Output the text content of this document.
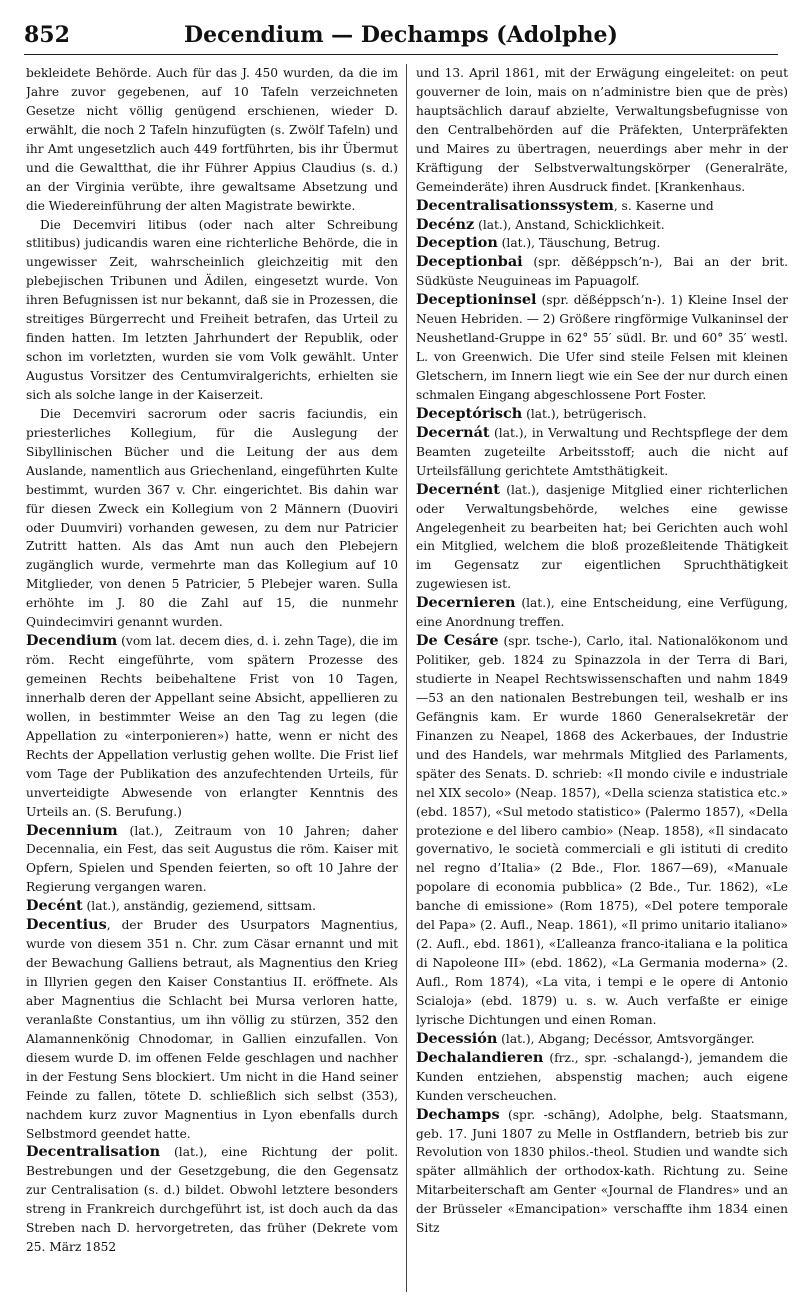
852	Decendium — Dechamps (Adolphe)

bekleidete Behörde. Auch für das J. 450 wurden, da die im Jahre zuvor gegebenen, auf 10 Tafeln verzeichneten Gesetze nicht völlig genügend erschienen, wieder D. erwählt, die noch 2 Tafeln hinzufügten (s. Zwölf Tafeln) und ihr Amt ungesetzlich auch 449 fortführten, bis ihr Übermut und die Gewaltthat, die ihr Führer Appius Claudius (s. d.) an der Virginia verübte, ihre gewaltsame Absetzung und die Wiedereinführung der alten Magistrate bewirkte.

Die Decemviri litibus (oder nach alter Schreibung stlitibus) judicandis waren eine richterliche Behörde, die in ungewisser Zeit, wahrscheinlich gleichzeitig mit den plebejischen Tribunen und Ädilen, eingesetzt wurde. Von ihren Befugnissen ist nur bekannt, daß sie in Prozessen, die streitiges Bürgerrecht und Freiheit betrafen, das Urteil zu finden hatten. Im letzten Jahrhundert der Republik, oder schon im vorletzten, wurden sie vom Volk gewählt. Unter Augustus Vorsitzer des Centumviralgerichts, erhielten sie sich als solche lange in der Kaiserzeit.

Die Decemviri sacrorum oder sacris faciundis, ein priesterliches Kollegium, für die Auslegung der Sibyllinischen Bücher und die Leitung der aus dem Auslande, namentlich aus Griechenland, eingeführten Kulte bestimmt, wurden 367 v. Chr. eingerichtet. Bis dahin war für diesen Zweck ein Kollegium von 2 Männern (Duoviri oder Duumviri) vorhanden gewesen, zu dem nur Patricier Zutritt hatten. Als das Amt nun auch den Plebejern zugänglich wurde, vermehrte man das Kollegium auf 10 Mitglieder, von denen 5 Patricier, 5 Plebejer waren. Sulla erhöhte im J. 80 die Zahl auf 15, die nunmehr Quindecimviri genannt wurden.

Decendium (vom lat. decem dies, d. i. zehn Tage), die im röm. Recht eingeführte, vom spätern Prozesse des gemeinen Rechts beibehaltene Frist von 10 Tagen, innerhalb deren der Appellant seine Absicht, appellieren zu wollen, in bestimmter Weise an den Tag zu legen (die Appellation zu «interponieren») hatte, wenn er nicht des Rechts der Appellation verlustig gehen wollte. Die Frist lief vom Tage der Publikation des anzufechtenden Urteils, für unverteidigte Abwesende von erlangter Kenntnis des Urteils an. (S. Berufung.)

Decennium (lat.), Zeitraum von 10 Jahren; daher Decennalia, ein Fest, das seit Augustus die röm. Kaiser mit Opfern, Spielen und Spenden feierten, so oft 10 Jahre der Regierung vergangen waren.

Decént (lat.), anständig, geziemend, sittsam.

Decentius, der Bruder des Usurpators Magnentius, wurde von diesem 351 n. Chr. zum Cäsar ernannt und mit der Bewachung Galliens betraut, als Magnentius den Krieg in Illyrien gegen den Kaiser Constantius II. eröffnete. Als aber Magnentius die Schlacht bei Mursa verloren hatte, veranlaßte Constantius, um ihn völlig zu stürzen, 352 den Alamannenkönig Chnodomar, in Gallien einzufallen. Von diesem wurde D. im offenen Felde geschlagen und nachher in der Festung Sens blockiert. Um nicht in die Hand seiner Feinde zu fallen, tötete D. schließlich sich selbst (353), nachdem kurz zuvor Magnentius in Lyon ebenfalls durch Selbstmord geendet hatte.

Decentralisation (lat.), eine Richtung der polit. Bestrebungen und der Gesetzgebung, die den Gegensatz zur Centralisation (s. d.) bildet. Obwohl letztere besonders streng in Frankreich durchgeführt ist, ist doch auch da das Streben nach D. hervorgetreten, das früher (Dekrete vom 25. März 1852

und 13. April 1861, mit der Erwägung eingeleitet: on peut gouverner de loin, mais on n’administre bien que de près) hauptsächlich darauf abzielte, Verwaltungsbefugnisse von den Centralbehörden auf die Präfekten, Unterpräfekten und Maires zu übertragen, neuerdings aber mehr in der Kräftigung der Selbstverwaltungskörper (Generalräte, Gemeinderäte) ihren Ausdruck findet. [Krankenhaus.

Decentralisationssystem, s. Kaserne und

Decénz (lat.), Anstand, Schicklichkeit.

Deception (lat.), Täuschung, Betrug.

Deceptionbai (spr. dĕßéppsch’n-), Bai an der brit. Südküste Neuguineas im Papuagolf.

Deceptioninsel (spr. dĕßéppsch’n-). 1) Kleine Insel der Neuen Hebriden. — 2) Größere ringförmige Vulkaninsel der Neushetland-Gruppe in 62° 55′ südl. Br. und 60° 35′ westl. L. von Greenwich. Die Ufer sind steile Felsen mit kleinen Gletschern, im Innern liegt wie ein See der nur durch einen schmalen Eingang abgeschlossene Port Foster.

Deceptórisch (lat.), betrügerisch.

Decernát (lat.), in Verwaltung und Rechtspflege der dem Beamten zugeteilte Arbeitsstoff; auch die nicht auf Urteilsfällung gerichtete Amtsthätigkeit.

Decernént (lat.), dasjenige Mitglied einer richterlichen oder Verwaltungsbehörde, welches eine gewisse Angelegenheit zu bearbeiten hat; bei Gerichten auch wohl ein Mitglied, welchem die bloß prozeßleitende Thätigkeit im Gegensatz zur eigentlichen Spruchthätigkeit zugewiesen ist.

Decernieren (lat.), eine Entscheidung, eine Verfügung, eine Anordnung treffen.

De Cesáre (spr. tsche-), Carlo, ital. Nationalökonom und Politiker, geb. 1824 zu Spinazzola in der Terra di Bari, studierte in Neapel Rechtswissenschaften und nahm 1849—53 an den nationalen Bestrebungen teil, weshalb er ins Gefängnis kam. Er wurde 1860 Generalsekretär der Finanzen zu Neapel, 1868 des Ackerbaues, der Industrie und des Handels, war mehrmals Mitglied des Parlaments, später des Senats. D. schrieb: «Il mondo civile e industriale nel XIX secolo» (Neap. 1857), «Della scienza statistica etc.» (ebd. 1857), «Sul metodo statistico» (Palermo 1857), «Della protezione e del libero cambio» (Neap. 1858), «Il sindacato governativo, le società commerciali e gli istituti di credito nel regno d’Italia» (2 Bde., Flor. 1867—69), «Manuale popolare di economia pubblica» (2 Bde., Tur. 1862), «Le banche di emissione» (Rom 1875), «Del potere temporale del Papa» (2. Aufl., Neap. 1861), «Il primo unitario italiano» (2. Aufl., ebd. 1861), «L’alleanza franco-italiana e la politica di Napoleone III» (ebd. 1862), «La Germania moderna» (2. Aufl., Rom 1874), «La vita, i tempi e le opere di Antonio Scialoja» (ebd. 1879) u. s. w. Auch verfaßte er einige lyrische Dichtungen und einen Roman.

Decessión (lat.), Abgang; Decéssor, Amtsvorgänger.

Dechalandieren (frz., spr. -schalangd-), jemandem die Kunden entziehen, abspenstig machen; auch eigene Kunden verscheuchen.

Dechamps (spr. -schāng), Adolphe, belg. Staatsmann, geb. 17. Juni 1807 zu Melle in Ostflandern, betrieb bis zur Revolution von 1830 philos.-theol. Studien und wandte sich später allmählich der orthodox-kath. Richtung zu. Seine Mitarbeiterschaft am Genter «Journal de Flandres» und an der Brüsseler «Emancipation» verschaffte ihm 1834 einen Sitz
